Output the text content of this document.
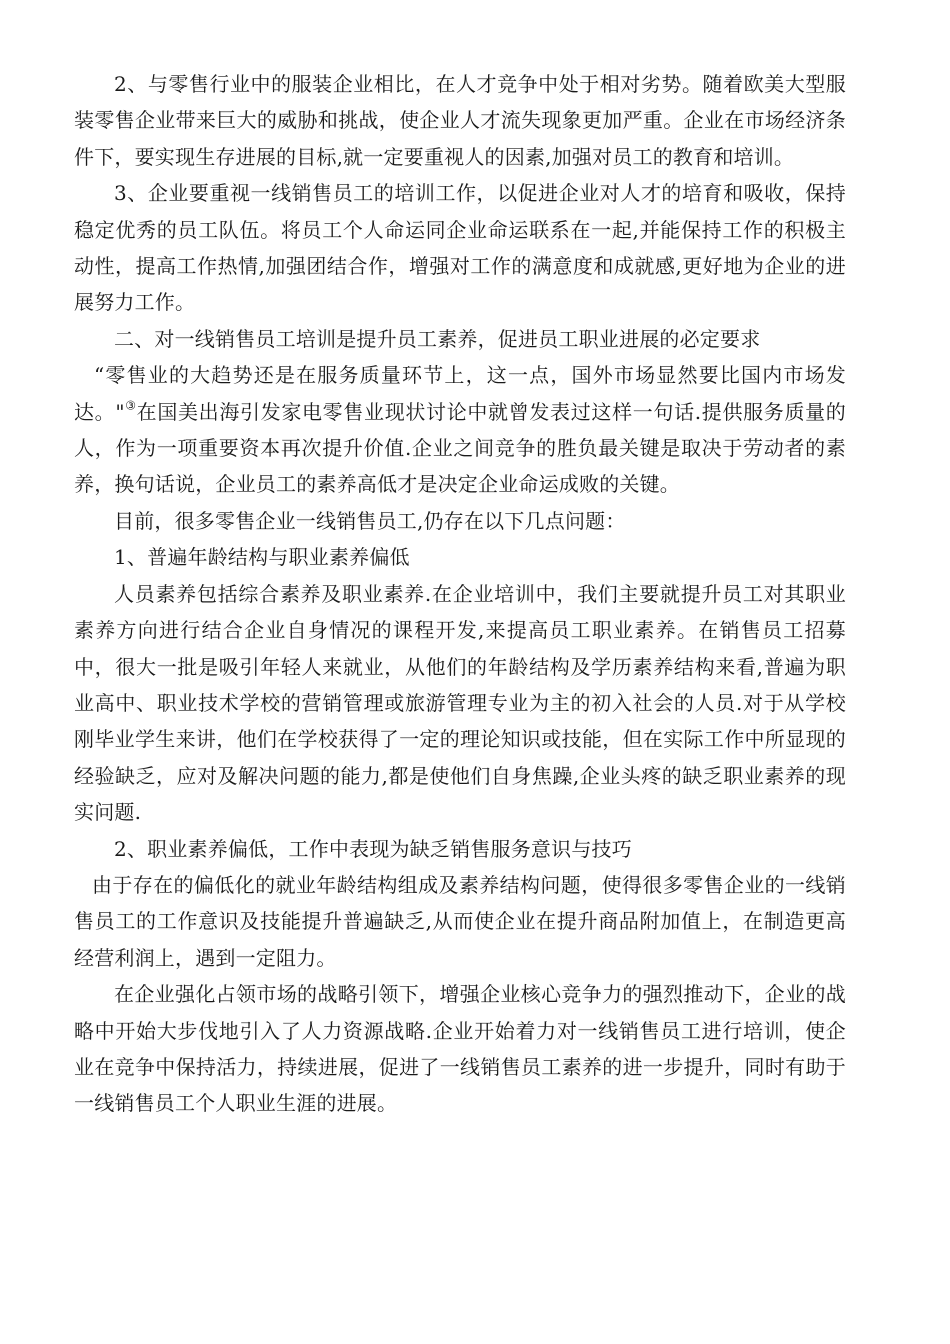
2、与零售行业中的服装企业相比，在人才竞争中处于相对劣势。随着欧美大型服装零售企业带来巨大的威胁和挑战，使企业人才流失现象更加严重。企业在市场经济条件下，要实现生存进展的目标,就一定要重视人的因素,加强对员工的教育和培训。

3、企业要重视一线销售员工的培训工作，以促进企业对人才的培育和吸收，保持稳定优秀的员工队伍。将员工个人命运同企业命运联系在一起,并能保持工作的积极主动性，提高工作热情,加强团结合作，增强对工作的满意度和成就感,更好地为企业的进展努力工作。

二、对一线销售员工培训是提升员工素养，促进员工职业进展的必定要求

“零售业的大趋势还是在服务质量环节上，这一点，国外市场显然要比国内市场发达。"③在国美出海引发家电零售业现状讨论中就曾发表过这样一句话.提供服务质量的人，作为一项重要资本再次提升价值.企业之间竞争的胜负最关键是取决于劳动者的素养，换句话说，企业员工的素养高低才是决定企业命运成败的关键。

目前，很多零售企业一线销售员工,仍存在以下几点问题：

1、普遍年龄结构与职业素养偏低

人员素养包括综合素养及职业素养.在企业培训中，我们主要就提升员工对其职业素养方向进行结合企业自身情况的课程开发,来提高员工职业素养。在销售员工招募中，很大一批是吸引年轻人来就业，从他们的年龄结构及学历素养结构来看,普遍为职业高中、职业技术学校的营销管理或旅游管理专业为主的初入社会的人员.对于从学校刚毕业学生来讲，他们在学校获得了一定的理论知识或技能，但在实际工作中所显现的经验缺乏，应对及解决问题的能力,都是使他们自身焦躁,企业头疼的缺乏职业素养的现实问题.

2、职业素养偏低，工作中表现为缺乏销售服务意识与技巧

由于存在的偏低化的就业年龄结构组成及素养结构问题，使得很多零售企业的一线销售员工的工作意识及技能提升普遍缺乏,从而使企业在提升商品附加值上，在制造更高经营利润上，遇到一定阻力。

在企业强化占领市场的战略引领下，增强企业核心竞争力的强烈推动下，企业的战略中开始大步伐地引入了人力资源战略.企业开始着力对一线销售员工进行培训，使企业在竞争中保持活力，持续进展，促进了一线销售员工素养的进一步提升，同时有助于一线销售员工个人职业生涯的进展。
